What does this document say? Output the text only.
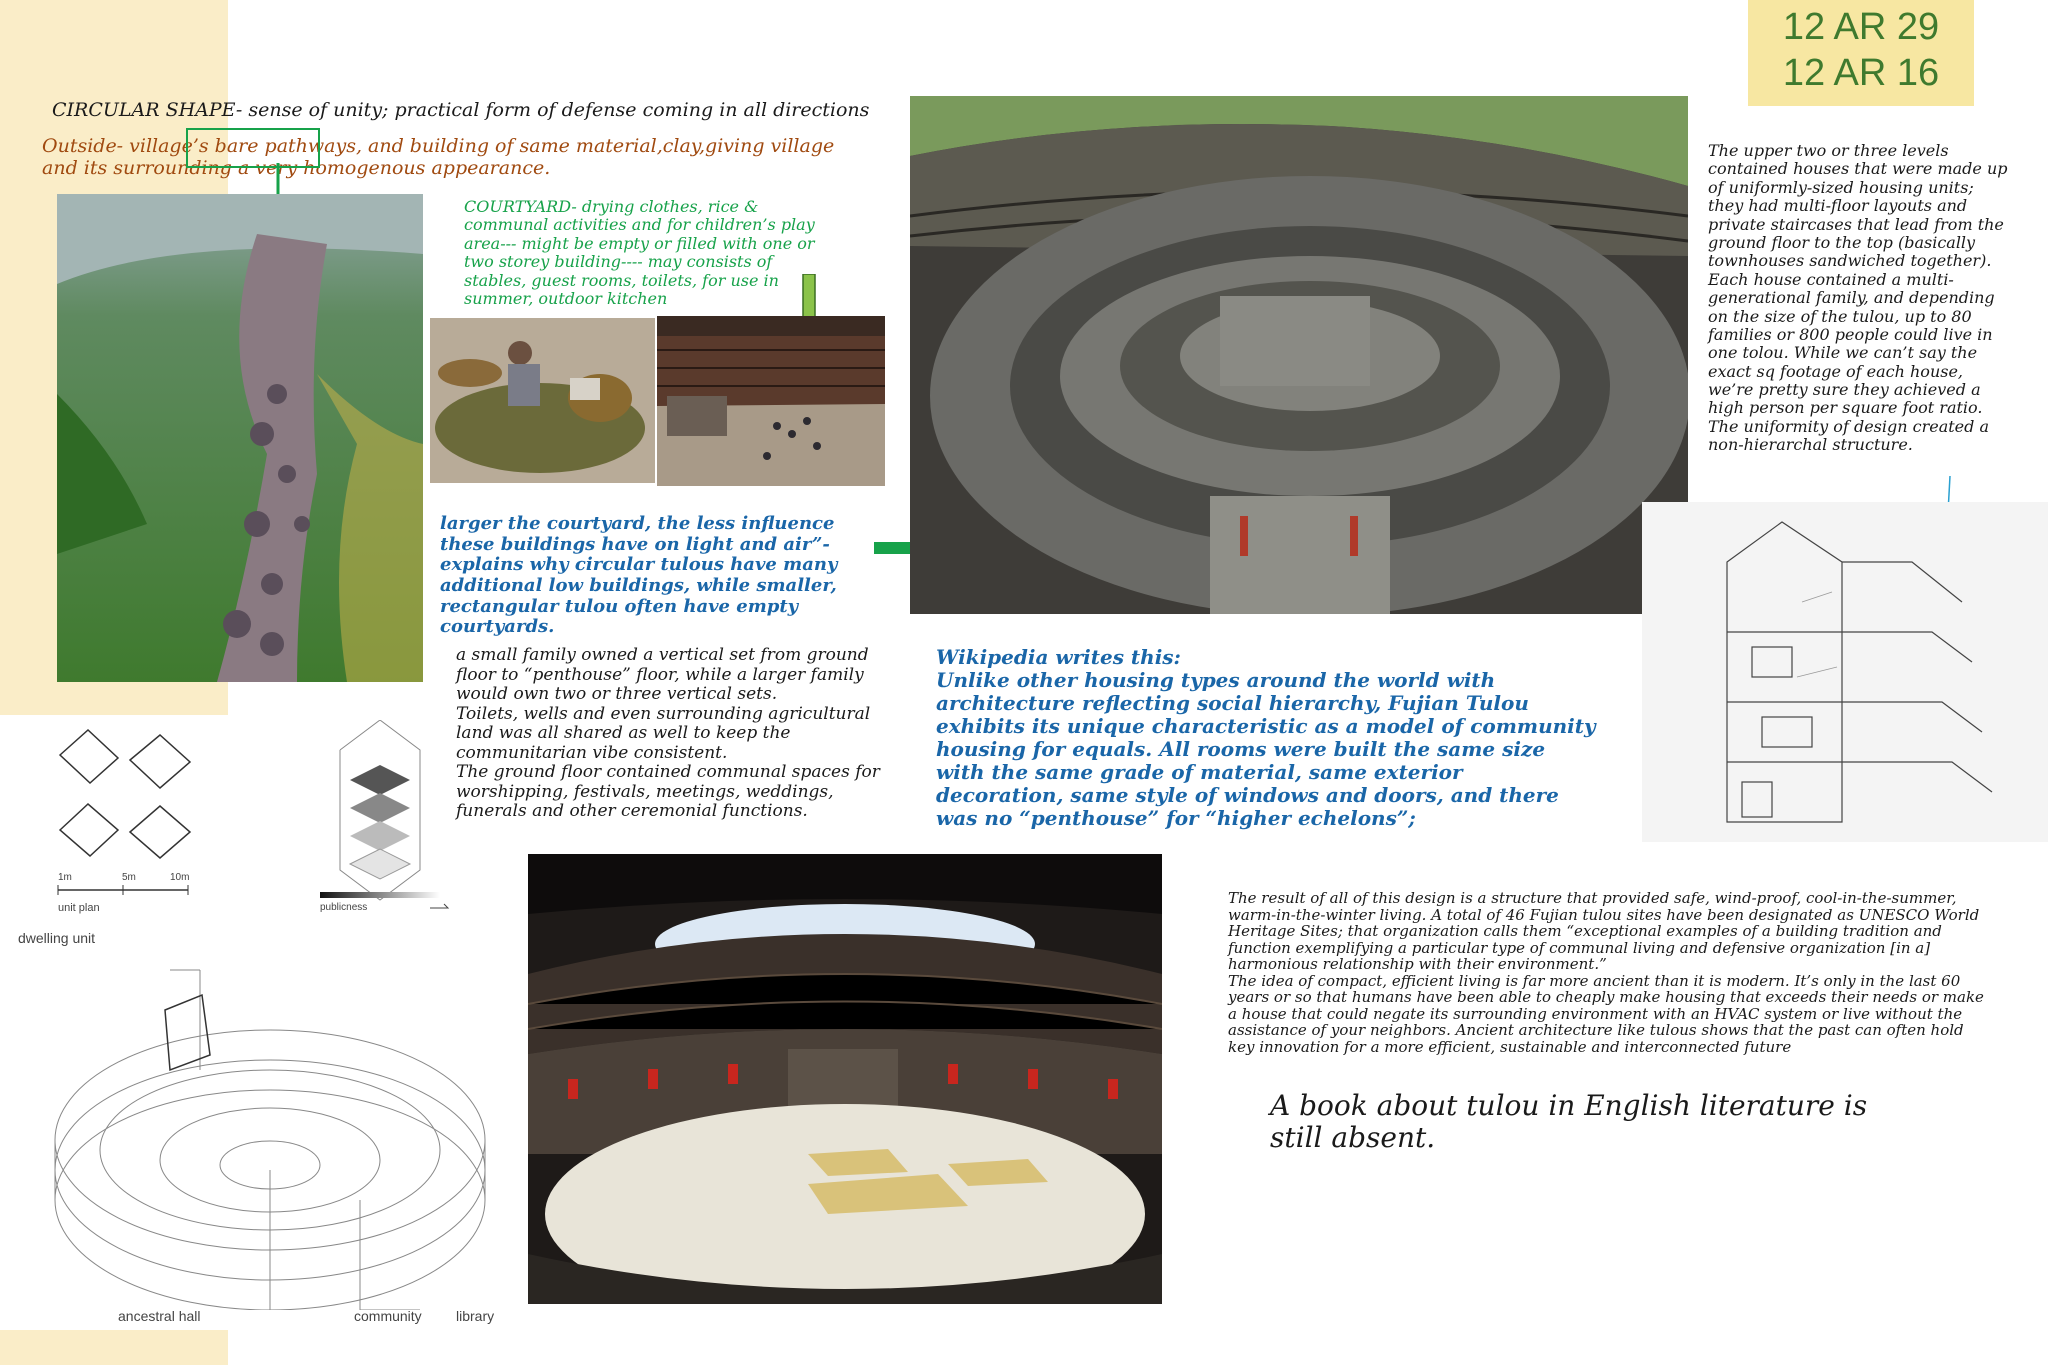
12 AR 29
12 AR 16

CIRCULAR SHAPE- sense of unity; practical form of defense coming in all directions

Outside- village’s bare pathways, and building of same material,clay,giving village and its surrounding a very homogenous appearance.

COURTYARD- drying clothes, rice & communal activities and for children’s play area--- might be empty or filled with one or two storey building---- may consists of stables, guest rooms, toilets, for use in summer, outdoor kitchen

larger the courtyard, the less influence these buildings have on light and air”- explains why circular tulous have many additional low buildings, while smaller, rectangular tulou often have empty courtyards.

The upper two or three levels contained houses that were made up of uniformly-sized housing units; they had multi-floor layouts and private staircases that lead from the ground floor to the top (basically townhouses sandwiched together). Each house contained a multi-generational family, and depending on the size of the tulou, up to 80 families or 800 people could live in one tolou. While we can’t say the exact sq footage of each house, we’re pretty sure they achieved a high person per square foot ratio.
The uniformity of design created a non-hierarchal structure.

a small family owned a vertical set from ground floor to “penthouse” floor, while a larger family would own two or three vertical sets.
Toilets, wells and even surrounding agricultural land was all shared as well to keep the communitarian vibe consistent.
The ground floor contained communal spaces for worshipping, festivals, meetings, weddings, funerals and other ceremonial functions.

Wikipedia writes this:
Unlike other housing types around the world with architecture reflecting social hierarchy, Fujian Tulou exhibits its unique characteristic as a model of community housing for equals. All rooms were built the same size with the same grade of material, same exterior decoration, same style of windows and doors, and there was no “penthouse” for “higher echelons”;

1m	5m	10m
unit plan	publicness
dwelling unit
ancestral hall	community library

The result of all of this design is a structure that provided safe, wind-proof, cool-in-the-summer, warm-in-the-winter living. A total of 46 Fujian tulou sites have been designated as UNESCO World Heritage Sites; that organization calls them “exceptional examples of a building tradition and function exemplifying a particular type of communal living and defensive organization [in a] harmonious relationship with their environment.”
The idea of compact, efficient living is far more ancient than it is modern. It’s only in the last 60 years or so that humans have been able to cheaply make housing that exceeds their needs or make a house that could negate its surrounding environment with an HVAC system or live without the assistance of your neighbors. Ancient architecture like tulous shows that the past can often hold key innovation for a more efficient, sustainable and interconnected future

A book about tulou in English literature is still absent.
